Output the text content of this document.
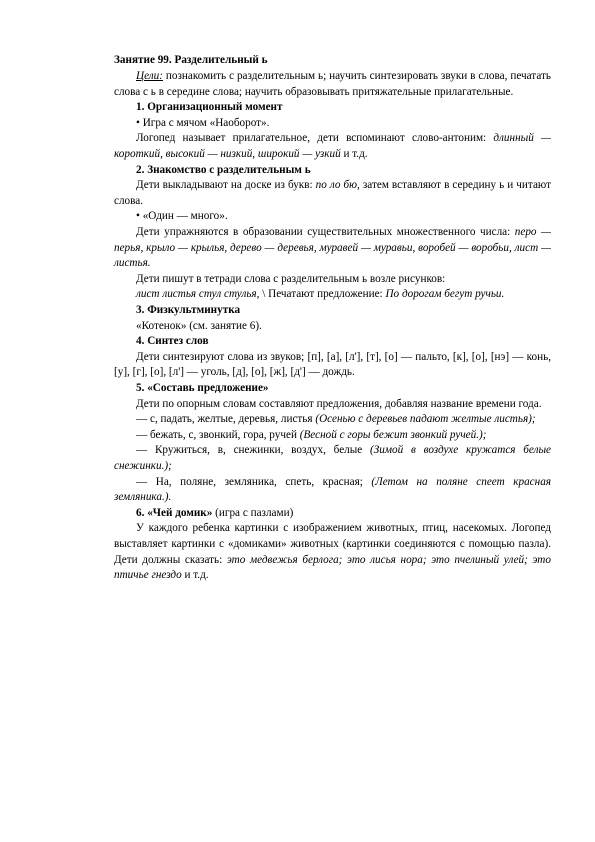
Занятие 99. Разделительный ь

Цели: познакомить с разделительным ь; научить синтезировать звуки в слова, печатать слова с ь в середине слова; научить образовывать притяжательные прилагательные.

1. Организационный момент

• Игра с мячом «Наоборот».

Логопед называет прилагательное, дети вспоминают слово-антоним: длинный — короткий, высокий — низкий, широкий — узкий и т.д.

2. Знакомство с разделительным ь

Дети выкладывают на доске из букв: по ло бю, затем вставляют в середину ь и читают слова.

• «Один — много».

Дети упражняются в образовании существительных множественного числа: перо — перья, крыло — крылья, дерево — деревья, муравей — муравьи, воробей — воробьи, лист — листья.

Дети пишут в тетради слова с разделительным ь возле рисунков:

лист листья стул стулья, \ Печатают предложение: По дорогам бегут ручьи.

3. Физкультминутка

«Котенок» (см. занятие 6).

4. Синтез слов

Дети синтезируют слова из звуков; [п], [а], [л'], [т], [о] — пальто, [к], [о], [нэ] — конь, [у], [г], [о], [л'] — уголь, [д], [о], [ж], [д'] — дождь.

5. «Составь предложение»

Дети по опорным словам составляют предложения, добавляя название времени года.

— с, падать, желтые, деревья, листья (Осенью с деревьев падают желтые листья);

— бежать, с, звонкий, гора, ручей (Весной с горы бежит звонкий ручей.);

— Кружиться, в, снежинки, воздух, белые (Зимой в воздухе кружатся белые снежинки.);

— На, поляне, земляника, спеть, красная; (Летом на поляне спеет красная земляника.).

6. «Чей домик» (игра с пазлами)

У каждого ребенка картинки с изображением животных, птиц, насекомых. Логопед выставляет картинки с «домиками» животных (картинки соединяются с помощью пазла). Дети должны сказать: это медвежья берлога; это лисья нора; это пчелиный улей; это птичье гнездо и т.д.
